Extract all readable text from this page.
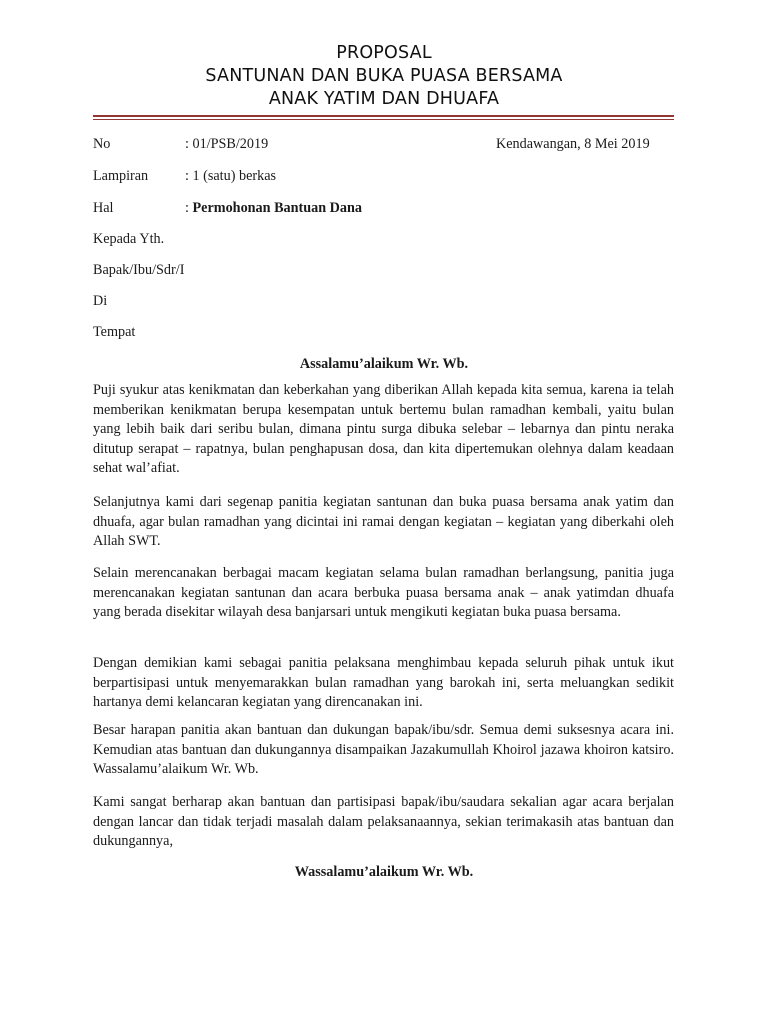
PROPOSAL
SANTUNAN DAN BUKA PUASA BERSAMA
ANAK YATIM DAN DHUAFA
No	: 01/PSB/2019	Kendawangan, 8 Mei 2019
Lampiran	: 1 (satu) berkas
Hal	: Permohonan Bantuan Dana
Kepada Yth.
Bapak/Ibu/Sdr/I
Di
Tempat
Assalamu’alaikum Wr. Wb.

Puji syukur atas kenikmatan dan keberkahan yang diberikan Allah kepada kita semua, karena ia telah memberikan kenikmatan berupa kesempatan untuk bertemu bulan ramadhan kembali, yaitu bulan yang lebih baik dari seribu bulan, dimana pintu surga dibuka selebar – lebarnya dan pintu neraka ditutup serapat – rapatnya, bulan penghapusan dosa, dan kita dipertemukan olehnya dalam keadaan sehat wal’afiat.

Selanjutnya kami dari segenap panitia kegiatan santunan dan buka puasa bersama anak yatim dan dhuafa, agar bulan ramadhan yang dicintai ini ramai dengan kegiatan – kegiatan yang diberkahi oleh Allah SWT.

Selain merencanakan berbagai macam kegiatan selama bulan ramadhan berlangsung, panitia juga merencanakan kegiatan santunan dan acara berbuka puasa bersama anak – anak yatimdan dhuafa yang berada disekitar wilayah desa banjarsari untuk mengikuti kegiatan buka puasa bersama.

Dengan demikian kami sebagai panitia pelaksana menghimbau kepada seluruh pihak untuk ikut berpartisipasi untuk menyemarakkan bulan ramadhan yang barokah ini, serta meluangkan sedikit hartanya demi kelancaran kegiatan yang direncanakan ini.

Besar harapan panitia akan bantuan dan dukungan bapak/ibu/sdr. Semua demi suksesnya acara ini. Kemudian atas bantuan dan dukungannya disampaikan Jazakumullah Khoirol jazawa khoiron katsiro. Wassalamu’alaikum Wr. Wb.

Kami sangat berharap akan bantuan dan partisipasi bapak/ibu/saudara sekalian agar acara berjalan dengan lancar dan tidak terjadi masalah dalam pelaksanaannya, sekian terimakasih atas bantuan dan dukungannya,

Wassalamu’alaikum Wr. Wb.
